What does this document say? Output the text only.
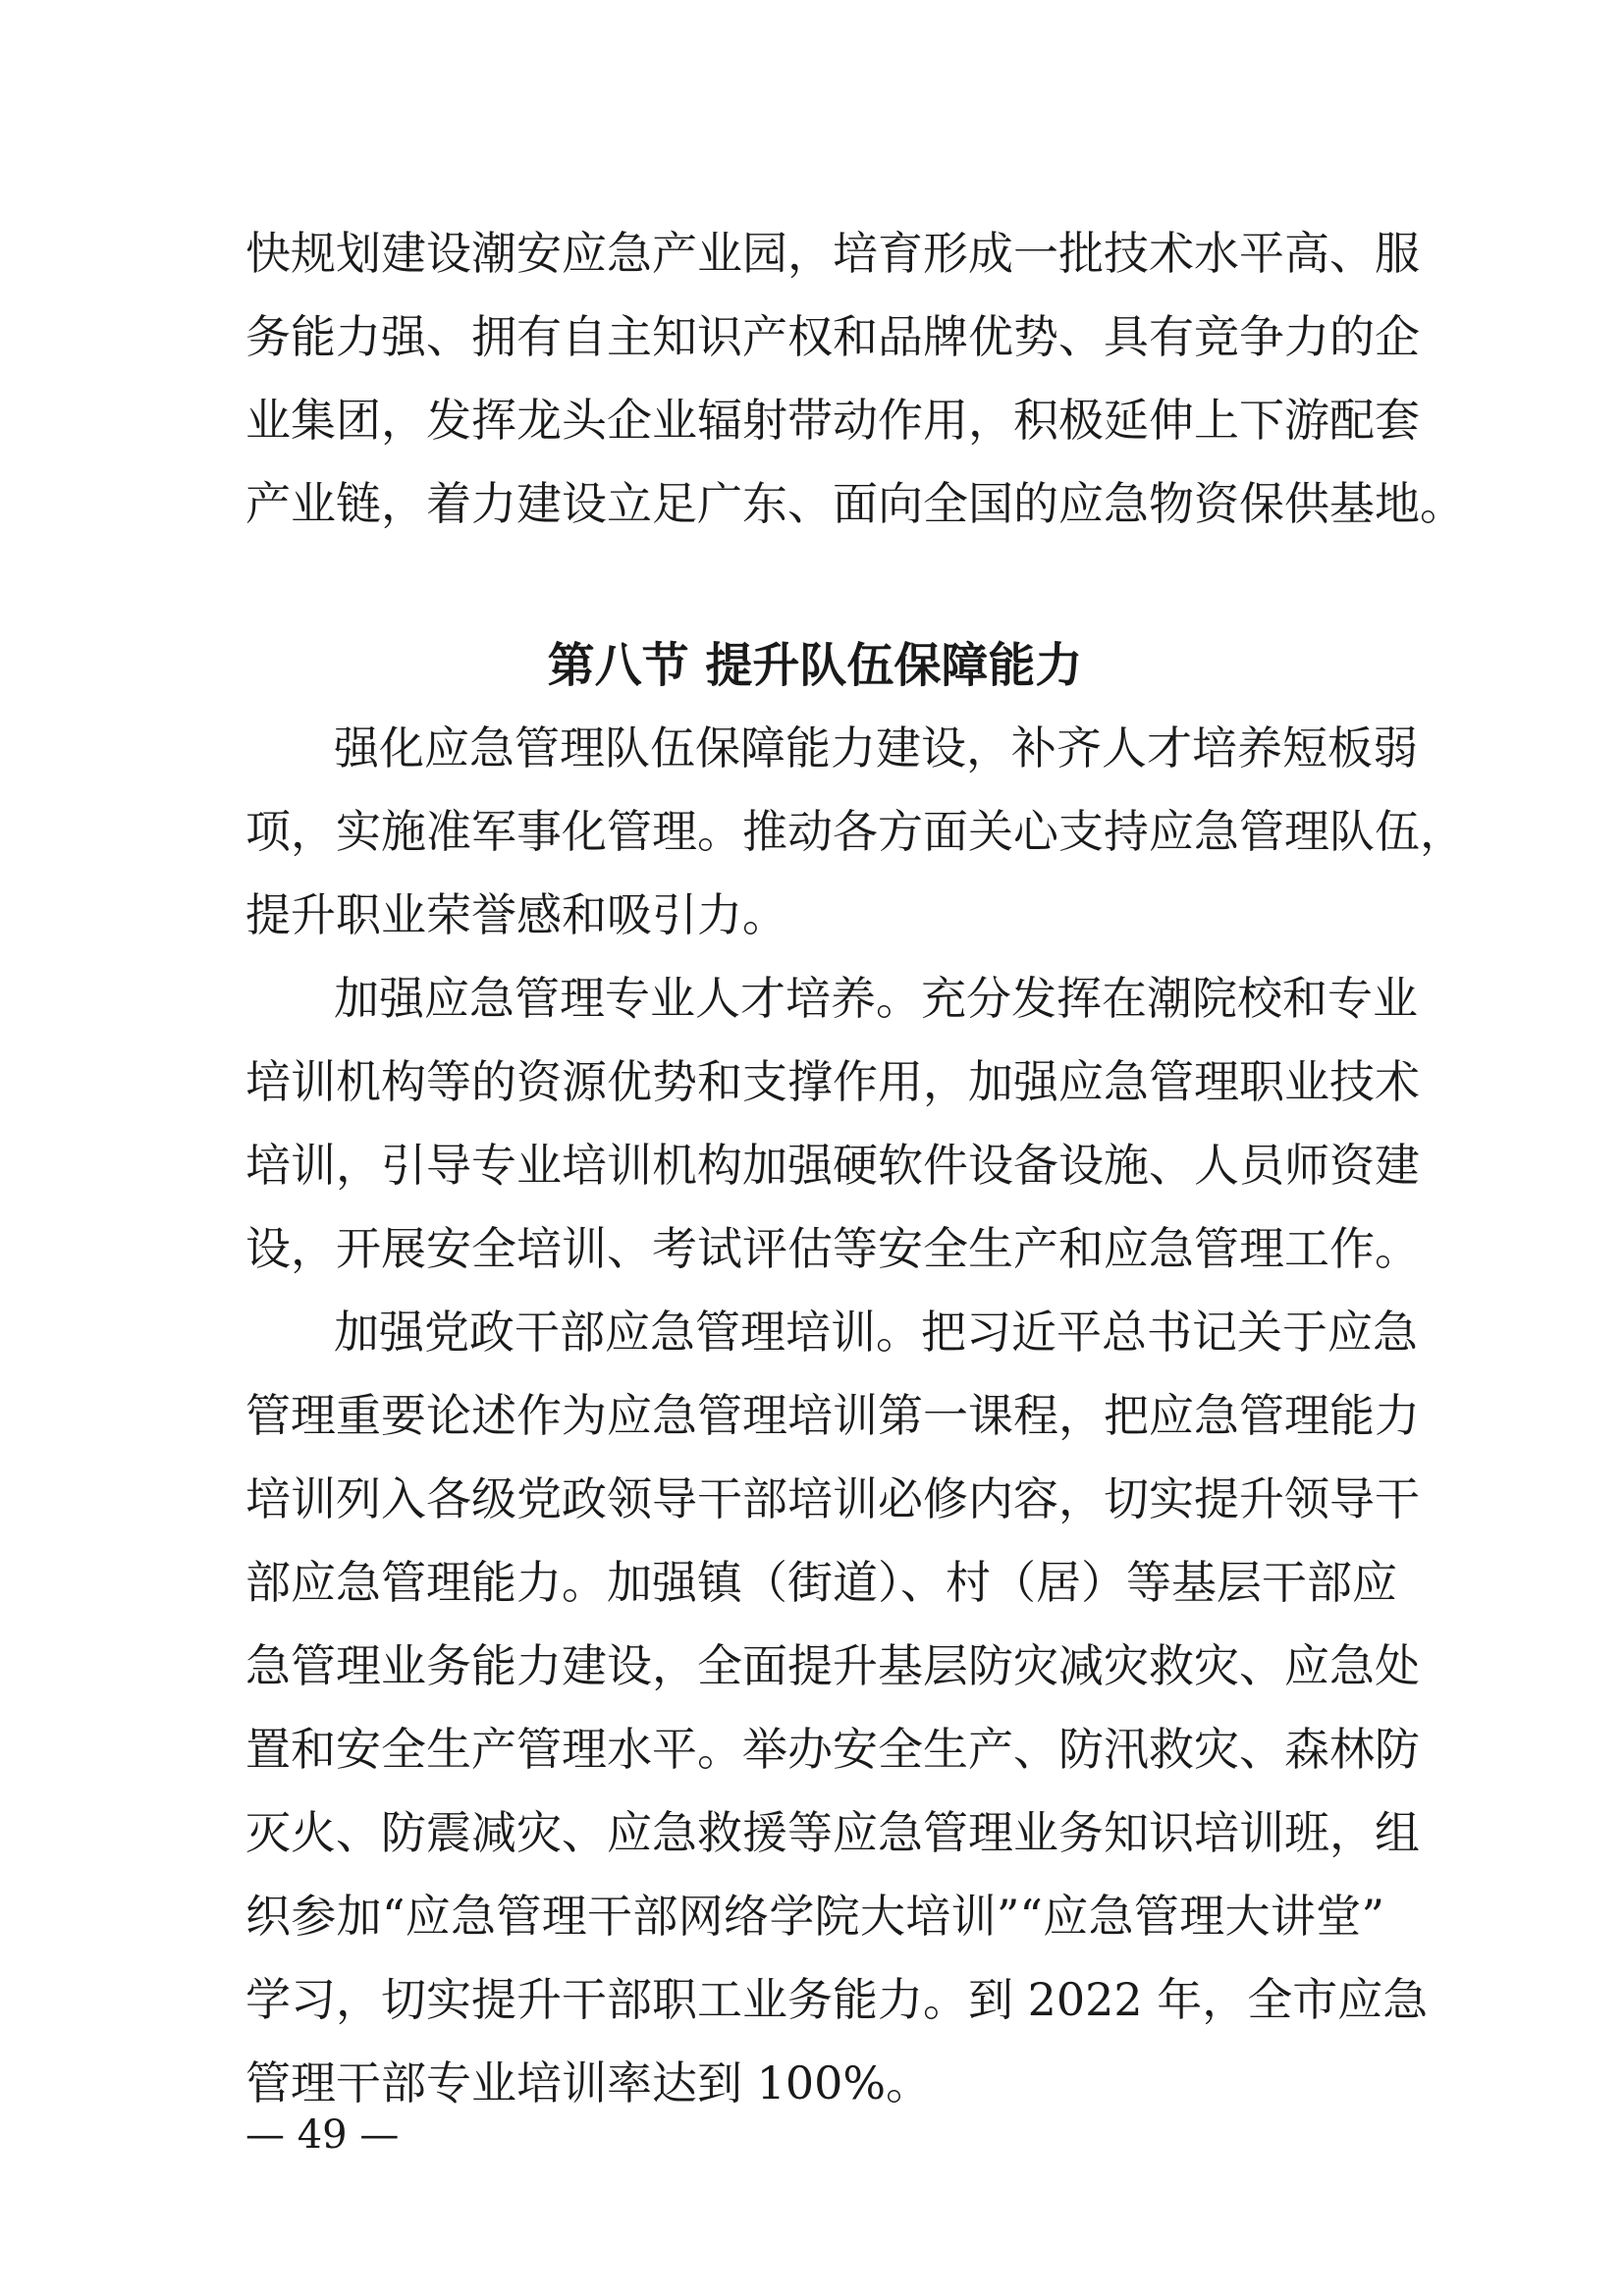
快规划建设潮安应急产业园，培育形成一批技术水平高、服
务能力强、拥有自主知识产权和品牌优势、具有竞争力的企
业集团，发挥龙头企业辐射带动作用，积极延伸上下游配套
产业链，着力建设立足广东、面向全国的应急物资保供基地。
第八节 提升队伍保障能力
强化应急管理队伍保障能力建设，补齐人才培养短板弱
项，实施准军事化管理。推动各方面关心支持应急管理队伍，
提升职业荣誉感和吸引力。
加强应急管理专业人才培养。充分发挥在潮院校和专业
培训机构等的资源优势和支撑作用，加强应急管理职业技术
培训，引导专业培训机构加强硬软件设备设施、人员师资建
设，开展安全培训、考试评估等安全生产和应急管理工作。
加强党政干部应急管理培训。把习近平总书记关于应急
管理重要论述作为应急管理培训第一课程，把应急管理能力
培训列入各级党政领导干部培训必修内容，切实提升领导干
部应急管理能力。加强镇（街道）、村（居）等基层干部应
急管理业务能力建设，全面提升基层防灾减灾救灾、应急处
置和安全生产管理水平。举办安全生产、防汛救灾、森林防
灭火、防震减灾、应急救援等应急管理业务知识培训班，组
织参加“应急管理干部网络学院大培训”“应急管理大讲堂”
学习，切实提升干部职工业务能力。到 2022 年，全市应急
管理干部专业培训率达到 100%。
— 49 —
